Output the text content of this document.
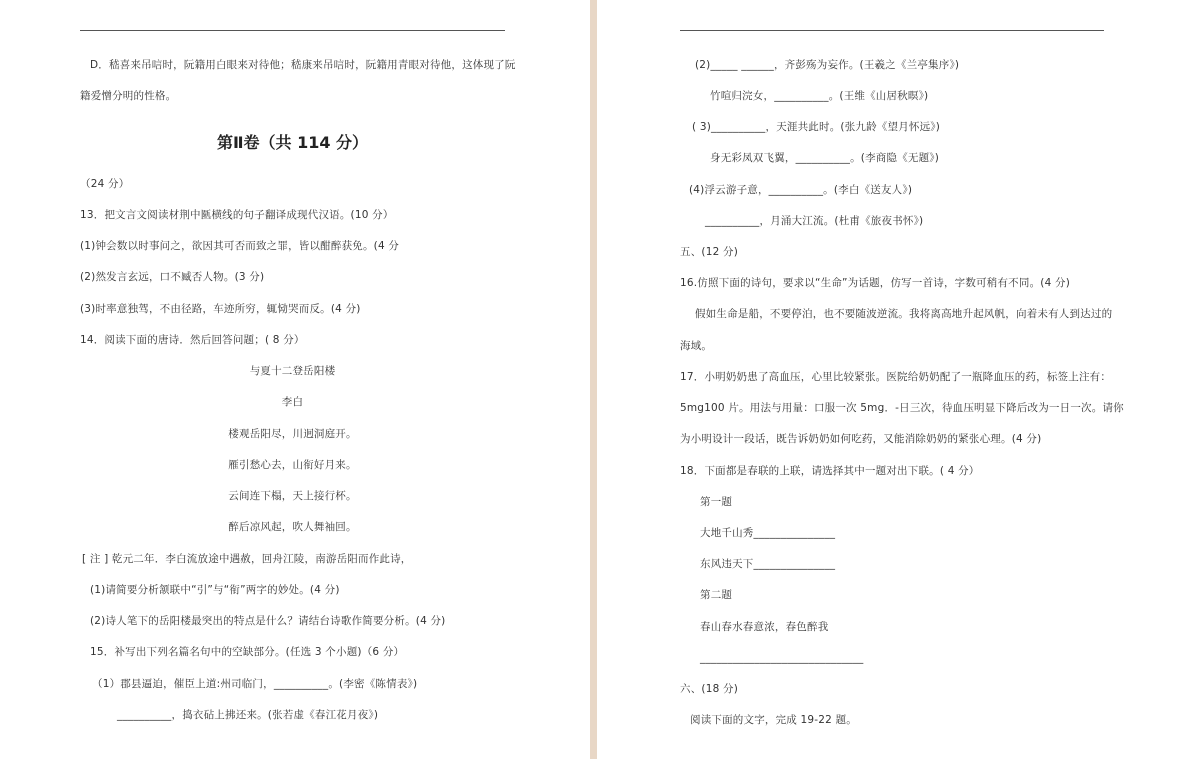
D．嵇喜来吊唁时，阮籍用白眼来对待他；嵇康来吊唁时，阮籍用青眼对待他，这体现了阮
籍爱憎分明的性格。
第Ⅱ卷（共 114 分）
（24 分）
13．把文言文阅读材荆中匦横线的句子翻译成现代汉语。(10 分）
(1)钟会数以时事问之，欲因其可否而致之罪，皆以酣醉获免。(4 分
(2)然发言玄远，口不臧否人物。(3 分)
(3)时率意独驾，不由径路，车迹所穷，辄恸哭而反。(4 分)
14．阅读下面的唐诗．然后回答问题；( 8 分）
与夏十二登岳阳楼
李白
楼观岳阳尽，川迥洞庭开。
雁引愁心去，山衔好月来。
云间连下榻，天上接行杯。
醉后凉风起，吹人舞袖回。
[ 注 ] 乾元二年．李白流放途中遇赦，回舟江陵，南游岳阳而作此诗，
(1)请简要分析颔联中“引”与“衔”两字的妙处。(4 分)
(2)诗人笔下的岳阳楼最突出的特点是什么？请结台诗歌作简要分析。(4 分)
15．补写出下列名篇名句中的空缺部分。(任选 3 个小题)（6 分）
（1）郡县逼迫，催臣上道:州司临门，__________。(李密《陈情表》)
__________，捣衣砧上拂还来。(张若虚《春江花月夜》)
(2)_____ ______，齐彭殇为妄作。(王羲之《兰亭集序》)
竹喧归浣女，__________。(王维《山居秋暝》)
( 3)__________，天涯共此时。(张九龄《望月怀远》)
身无彩凤双飞翼，__________。(李商隐《无题》)
(4)浮云游子意，__________。(李白《送友人》)
__________，月涌大江流。(杜甫《旅夜书怀》)
五、(12 分)
16.仿照下面的诗句，要求以“生命”为话题，仿写一首诗，字数可稍有不同。(4 分)
假如生命是船，不要停泊，也不要随波逆流。我将离高地升起风帆，向着未有人到达过的
海域。
17．小明奶奶患了高血压，心里比较紧张。医院给奶奶配了一瓶降血压的药，标签上注有：
5mg100 片。用法与用量：口服一次 5mg．-日三次，待血压明显下降后改为一日一次。请你
为小明设计一段话，既告诉奶奶如何吃药，又能消除奶奶的紧张心理。(4 分)
18．下面都是春联的上联，请选择其中一题对出下联。( 4 分）
第一题
大地千山秀_______________
东风违天下_______________
第二题
春山春水春意浓，春色醉我
______________________________
六、(18 分)
阅读下面的文字，完成 19-22 题。
